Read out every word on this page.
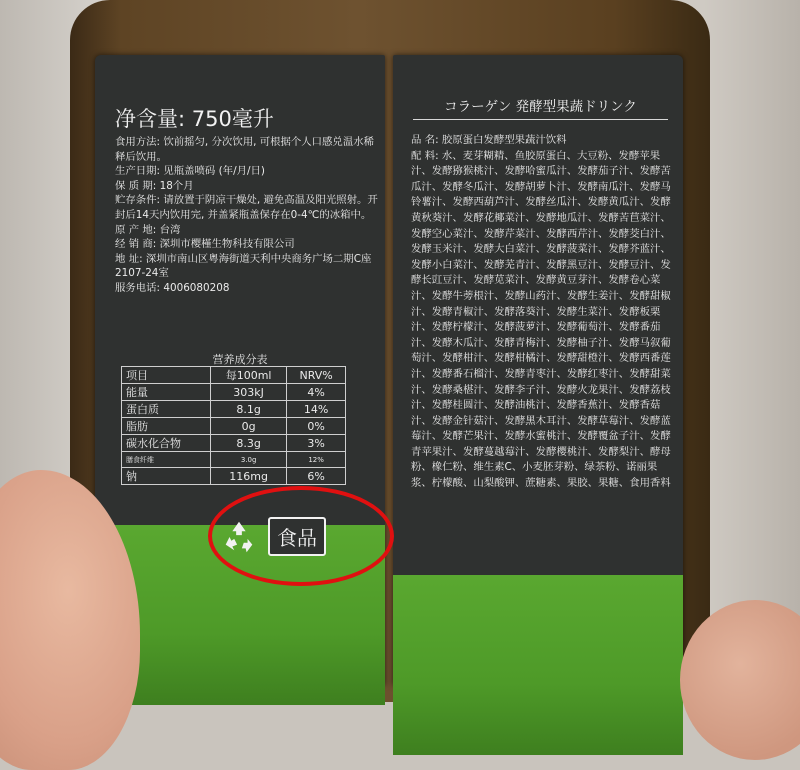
净含量: 750毫升

食用方法: 饮前摇匀, 分次饮用, 可根据个人口感兑温水稀释后饮用。

生产日期: 见瓶盖喷码 (年/月/日)

保 质 期: 18个月

贮存条件: 请放置于阴凉干燥处, 避免高温及阳光照射。开封后14天内饮用完, 并盖紧瓶盖保存在0-4℃的冰箱中。

原 产 地: 台湾

经 销 商: 深圳市樱槿生物科技有限公司

地 址: 深圳市南山区粤海街道天利中央商务广场二期C座2107-24室

服务电话: 4006080208

营养成分表
项目	每100ml	NRV%
能量	303kJ	4%
蛋白质	8.1g	14%
脂肪	0g	0%
碳水化合物	8.3g	3%
膳食纤维	3.0g	12%
钠	116mg	6%
食品
コラーゲン 発酵型果蔬ドリンク

品 名: 胶原蛋白发酵型果蔬汁饮料

配 料: 水、麦芽糊精、鱼胶原蛋白、大豆粉、发酵苹果汁、发酵猕猴桃汁、发酵哈蜜瓜汁、发酵茄子汁、发酵苦瓜汁、发酵冬瓜汁、发酵胡萝卜汁、发酵南瓜汁、发酵马铃薯汁、发酵西葫芦汁、发酵丝瓜汁、发酵黄瓜汁、发酵黄秋葵汁、发酵花椰菜汁、发酵地瓜汁、发酵苦苣菜汁、发酵空心菜汁、发酵芹菜汁、发酵西芹汁、发酵茭白汁、发酵玉米汁、发酵大白菜汁、发酵菠菜汁、发酵芥蓝汁、发酵小白菜汁、发酵芜青汁、发酵黑豆汁、发酵豆汁、发酵长豇豆汁、发酵苋菜汁、发酵黄豆芽汁、发酵卷心菜汁、发酵牛蒡根汁、发酵山药汁、发酵生姜汁、发酵甜椒汁、发酵青椒汁、发酵落葵汁、发酵生菜汁、发酵板栗汁、发酵柠檬汁、发酵菠萝汁、发酵葡萄汁、发酵番茄汁、发酵木瓜汁、发酵青梅汁、发酵柚子汁、发酵马叙葡萄汁、发酵柑汁、发酵柑橘汁、发酵甜橙汁、发酵西番莲汁、发酵番石榴汁、发酵青枣汁、发酵红枣汁、发酵甜菜汁、发酵桑椹汁、发酵李子汁、发酵火龙果汁、发酵荔枝汁、发酵桂圆汁、发酵油桃汁、发酵香蕉汁、发酵香菇汁、发酵金针菇汁、发酵黑木耳汁、发酵草莓汁、发酵蓝莓汁、发酵芒果汁、发酵水蜜桃汁、发酵覆盆子汁、发酵青苹果汁、发酵蔓越莓汁、发酵樱桃汁、发酵梨汁、酵母粉、橡仁粉、维生素C、小麦胚芽粉、绿茶粉、诺丽果浆、柠檬酸、山梨酸钾、蔗糖素、果胶、果糖、食用香料
